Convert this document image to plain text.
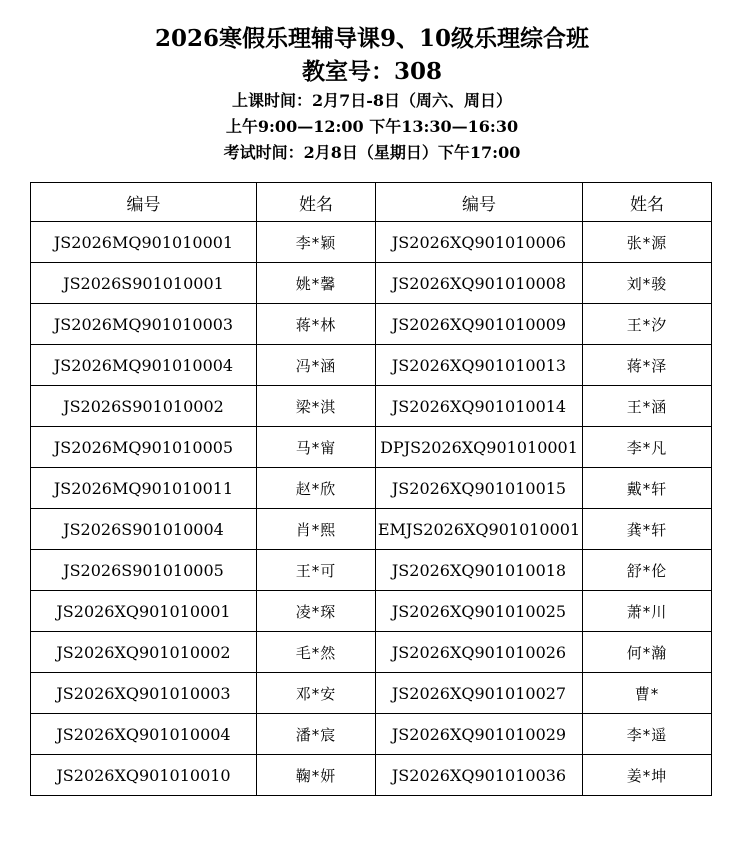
2026寒假乐理辅导课9、10级乐理综合班

教室号：308

上课时间：2月7日-8日（周六、周日）

上午9:00—12:00 下午13:30—16:30

考试时间：2月8日（星期日）下午17:00

编号	姓名	编号	姓名
JS2026MQ901010001	李*颖	JS2026XQ901010006	张*源
JS2026S901010001	姚*馨	JS2026XQ901010008	刘*骏
JS2026MQ901010003	蒋*林	JS2026XQ901010009	王*汐
JS2026MQ901010004	冯*涵	JS2026XQ901010013	蒋*泽
JS2026S901010002	梁*淇	JS2026XQ901010014	王*涵
JS2026MQ901010005	马*甯	DPJS2026XQ901010001	李*凡
JS2026MQ901010011	赵*欣	JS2026XQ901010015	戴*轩
JS2026S901010004	肖*熙	EMJS2026XQ901010001	龚*轩
JS2026S901010005	王*可	JS2026XQ901010018	舒*伦
JS2026XQ901010001	凌*琛	JS2026XQ901010025	萧*川
JS2026XQ901010002	毛*然	JS2026XQ901010026	何*瀚
JS2026XQ901010003	邓*安	JS2026XQ901010027	曹*
JS2026XQ901010004	潘*宸	JS2026XQ901010029	李*遥
JS2026XQ901010010	鞠*妍	JS2026XQ901010036	姜*坤
